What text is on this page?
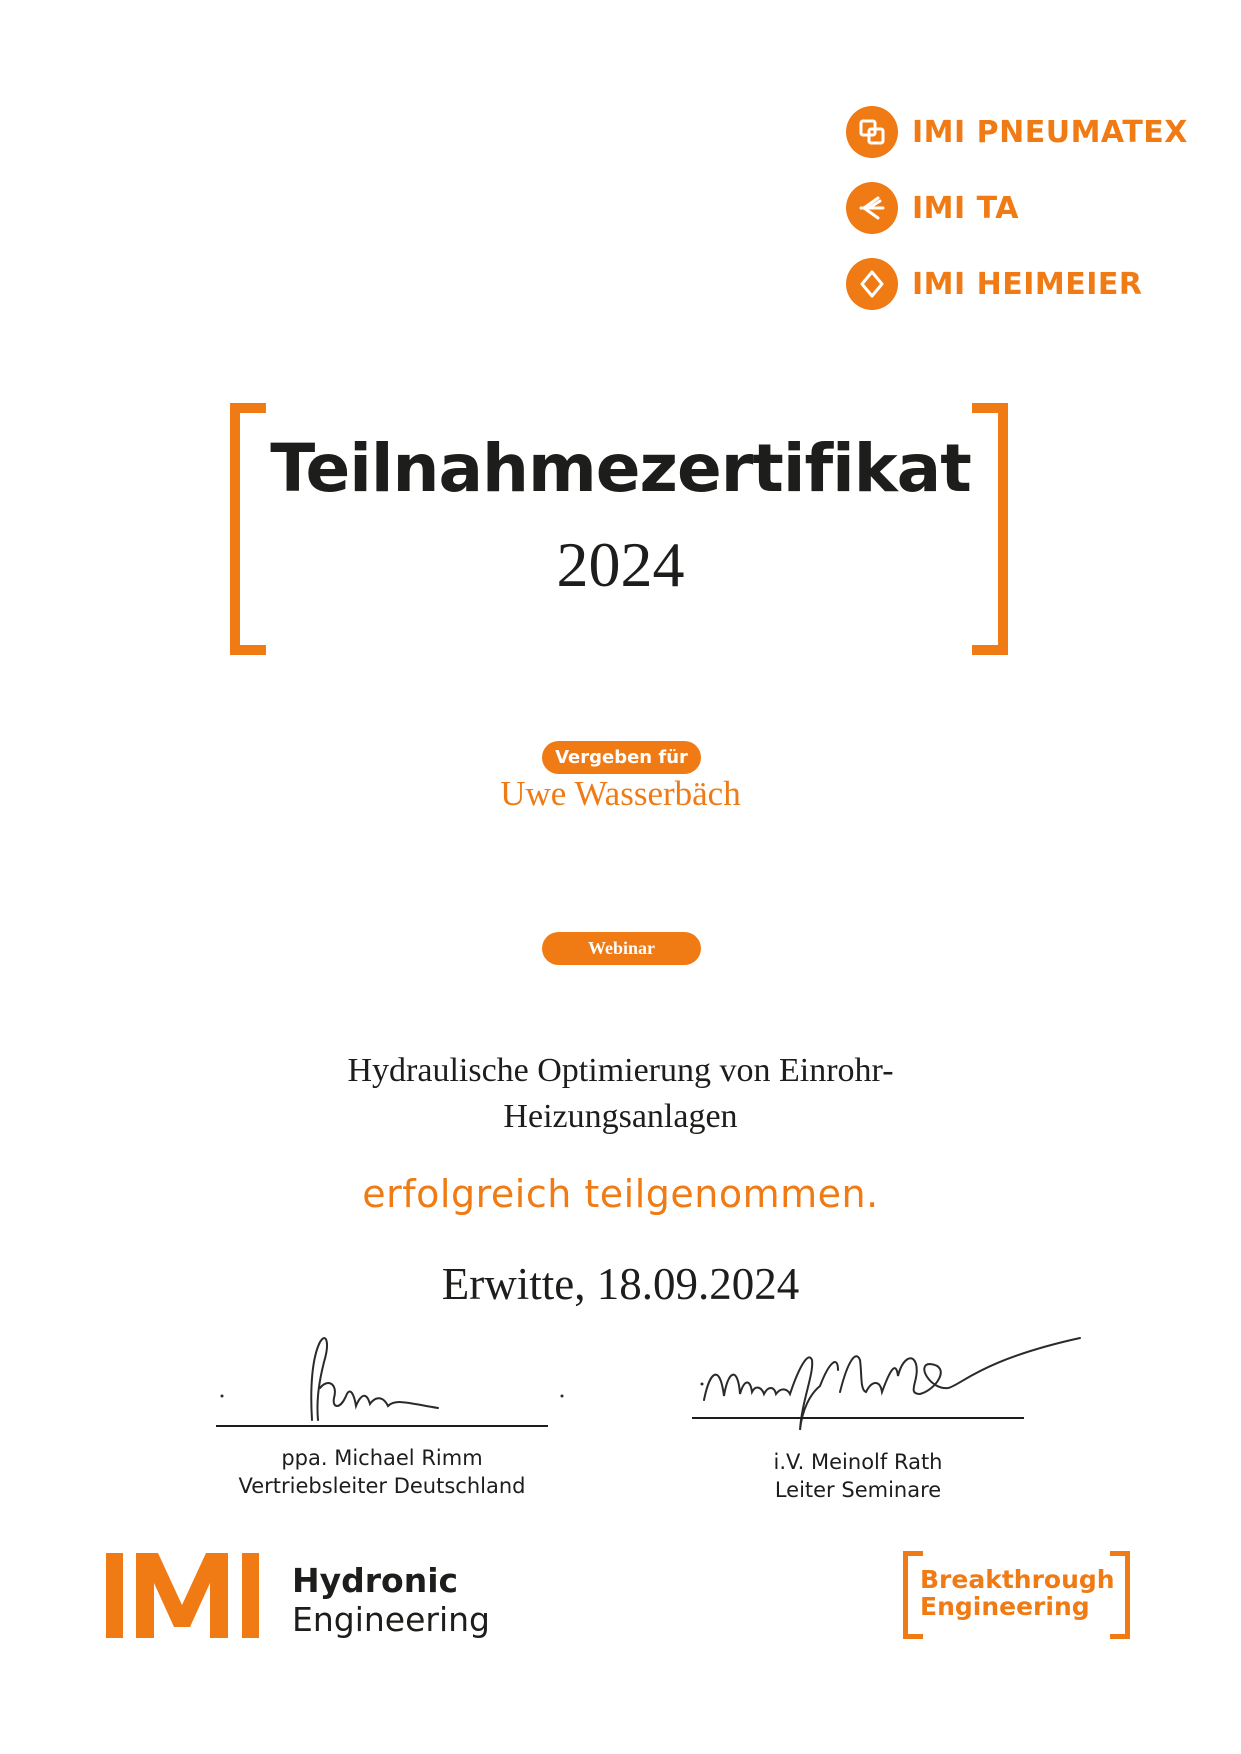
IMI PNEUMATEX
IMI TA
IMI HEIMEIER
Teilnahmezertifikat
2024
Vergeben für
Uwe Wasserbäch
Webinar
Hydraulische Optimierung von Einrohr-
Heizungsanlagen
erfolgreich teilgenommen.
Erwitte, 18.09.2024
ppa. Michael Rimm
Vertriebsleiter Deutschland
i.V. Meinolf Rath
Leiter Seminare
Hydronic
Engineering
Breakthrough
Engineering
